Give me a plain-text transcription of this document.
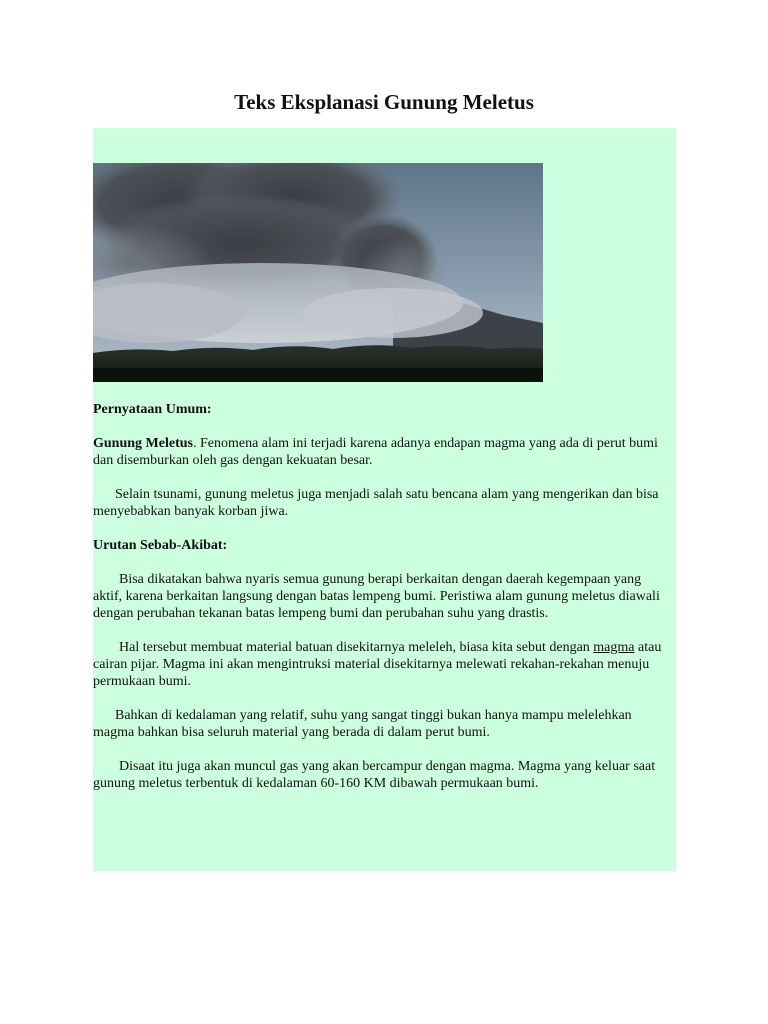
Teks Eksplanasi Gunung Meletus

Pernyataan Umum:

Gunung Meletus. Fenomena alam ini terjadi karena adanya endapan magma yang ada di perut bumi dan disemburkan oleh gas dengan kekuatan besar.

Selain tsunami, gunung meletus juga menjadi salah satu bencana alam yang mengerikan dan bisa menyebabkan banyak korban jiwa.

Urutan Sebab-Akibat:

Bisa dikatakan bahwa nyaris semua gunung berapi berkaitan dengan daerah kegempaan yang aktif, karena berkaitan langsung dengan batas lempeng bumi. Peristiwa alam gunung meletus diawali dengan perubahan tekanan batas lempeng bumi dan perubahan suhu yang drastis.

Hal tersebut membuat material batuan disekitarnya meleleh, biasa kita sebut dengan magma atau cairan pijar. Magma ini akan mengintruksi material disekitarnya melewati rekahan-rekahan menuju permukaan bumi.

Bahkan di kedalaman yang relatif, suhu yang sangat tinggi bukan hanya mampu melelehkan magma bahkan bisa seluruh material yang berada di dalam perut bumi.

Disaat itu juga akan muncul gas yang akan bercampur dengan magma. Magma yang keluar saat gunung meletus terbentuk di kedalaman 60-160 KM dibawah permukaan bumi.
